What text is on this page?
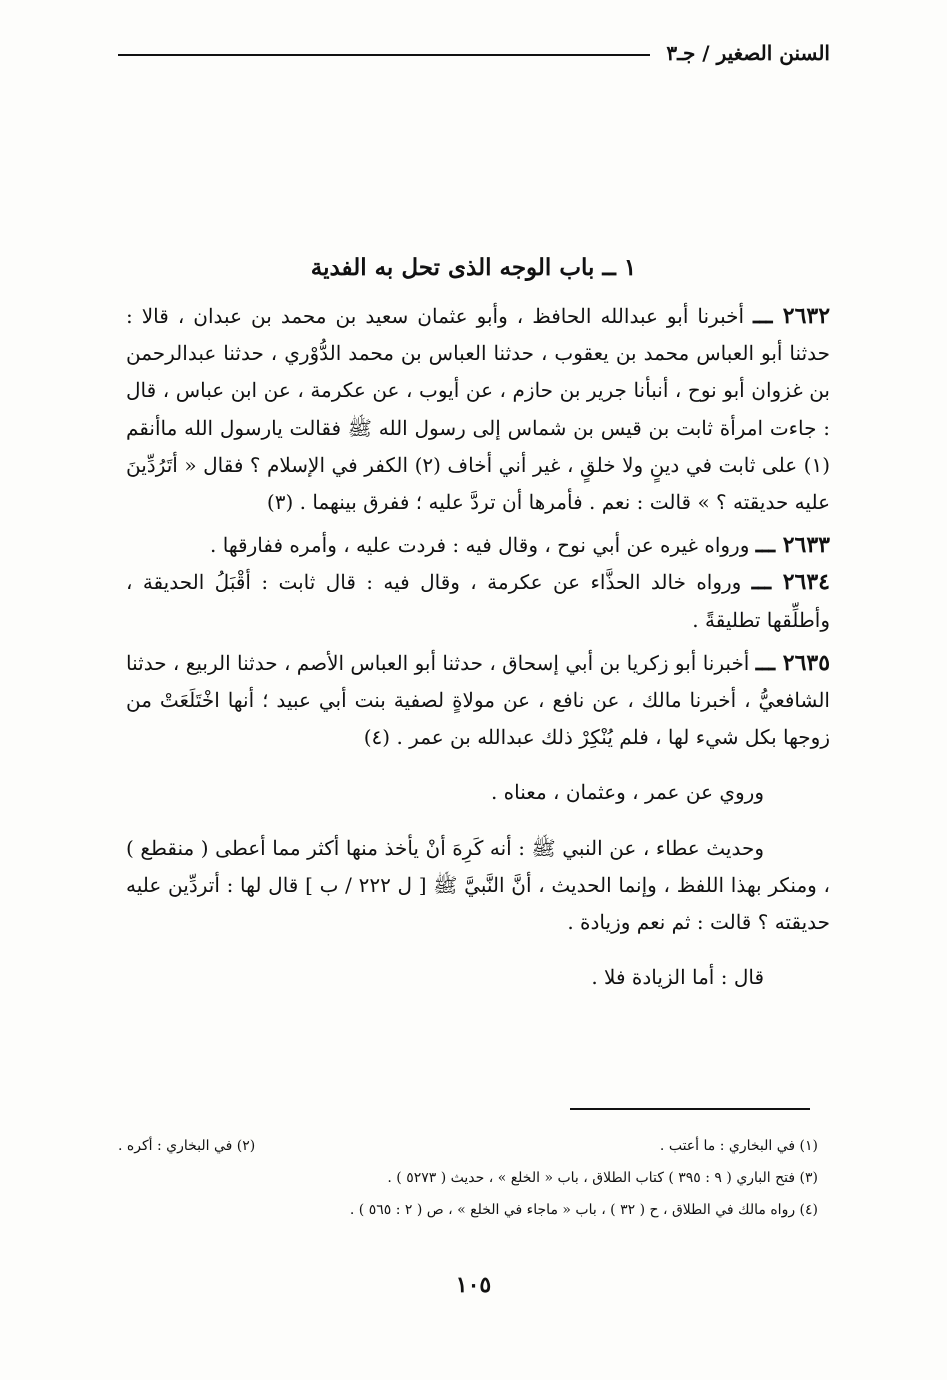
السنن الصغير / جـ٣
١ ــ باب الوجه الذى تحل به الفدية

٢٦٣٢ ـــ أخبرنا أبو عبدالله الحافظ ، وأبو عثمان سعيد بن محمد بن عبدان ، قالا : حدثنا أبو العباس محمد بن يعقوب ، حدثنا العباس بن محمد الدُّوْري ، حدثنا عبدالرحمن بن غزوان أبو نوح ، أنبأنا جرير بن حازم ، عن أيوب ، عن عكرمة ، عن ابن عباس ، قال : جاءت امرأة ثابت بن قيس بن شماس إلى رسول الله ﷺ فقالت يارسول الله ماأنقم (١) على ثابت في دينٍ ولا خلقٍ ، غير أني أخاف (٢) الكفر في الإسلام ؟ فقال « أتَرُدِّينَ عليه حديقته ؟ » قالت : نعم . فأمرها أن تردَّ عليه ؛ ففرق بينهما . (٣)

٢٦٣٣ ـــ ورواه غيره عن أبي نوح ، وقال فيه : فردت عليه ، وأمره ففارقها .

٢٦٣٤ ـــ ورواه خالد الحذَّاء عن عكرمة ، وقال فيه : قال ثابت : أقْبَلُ الحديقة ، وأطلِّقها تطليقةً .

٢٦٣٥ ـــ أخبرنا أبو زكريا بن أبي إسحاق ، حدثنا أبو العباس الأصم ، حدثنا الربيع ، حدثنا الشافعيُّ ، أخبرنا مالك ، عن نافع ، عن مولاةٍ لصفية بنت أبي عبيد ؛ أنها اخْتَلَعَتْ من زوجها بكل شيء لها ، فلم يُنْكِرْ ذلك عبدالله بن عمر . (٤)

وروي عن عمر ، وعثمان ، معناه .

وحديث عطاء ، عن النبي ﷺ : أنه كَرِهَ أنْ يأخذ منها أكثر مما أعطى ( منقطع ) ، ومنكر بهذا اللفظ ، وإنما الحديث ، أنَّ النَّبيَّ ﷺ [ ل ٢٢٢ / ب ] قال لها : أتردِّين عليه حديقته ؟ قالت : ثم نعم وزيادة .

قال : أما الزيادة فلا .

(١) في البخاري : ما أعتب .
(٢) في البخاري : أكره .
(٣) فتح الباري ( ٩ : ٣٩٥ ) كتاب الطلاق ، باب « الخلع » ، حديث ( ٥٢٧٣ ) .
(٤) رواه مالك في الطلاق ، ح ( ٣٢ ) ، باب « ماجاء في الخلع » ، ص ( ٢ : ٥٦٥ ) .
١٠٥
